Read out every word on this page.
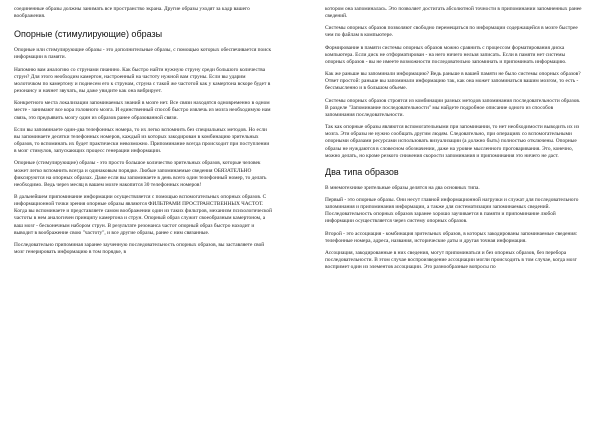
соединенные образы должны занимать все пространство экрана. Другие образы уходят за кадр вашего воображения.

Опорные (стимулирующие) образы

Опорные или стимулирующие образы - это дополнительные образы, с помощью которых обеспечивается поиск информации в памяти.

Напомню вам аналогию со струнами пианино. Как быстро найти нужную струну среди большого количества струн? Для этого необходим камертон, настроенный на частоту нужной вам струны. Если вы ударим молоточком по камертону и поднесем его к струнам, струна с такой же частотой как у камертона вскоре будет в резонансу и начнет звучать, вы даже увидите как она вибрирует.

Конкретного места локализации запоминаемых знаний в мозге нет. Все связи находятся одновременно в одном месте - занимают все кора головного мозга. И единственный способ быстро извлечь из мозга необходимую нам связь, это предъявить мозгу один из образов ранее образованной связи.

Если вы запоминаете один-два телефонных номера, то их легко вспомнить без специальных методов. Но если вы запоминаете десятки телефонных номеров, каждый из которых закодирован в комбинацию зрительных образов, то вспоминать их будет практически невозможно. Припоминание всегда происходит при поступлении в мозг стимулов, запускающих процесс генерации информации.

Опорные (стимулирующие) образы - это просто большое количество зрительных образов, которые человек может легко вспомнить всегда и одинаковым порядке. Любые запоминаемые сведения ОБЯЗАТЕЛЬНО фиксируются на опорных образах. Даже если вы запоминаете в день всего один телефонный номер, то делать необходимо. Ведь через месяц в вашем мозге накопится 30 телефонных номеров!

В дальнейшем припоминание информации осуществляется с помощью вспомогательных опорных образов. С информационной точки зрения опорные образы являются ФИЛЬТРАМИ ПРОСТРАНСТВЕННЫХ ЧАСТОТ. Когда вы вспоминаете и представляете самом воображении один из таких фильтров, механизм психологической частоты в нем аналогичен принципу камертона и струн. Опорный образ служит своеобразным камертоном, а ваш мозг - бесконечным набором струн. В результате резонанса частот опорный образ быстро находит и выводит в воображение свою "частоту", и все другие образы, ранее с ним связанные.

Последовательно припоминая заранее заученную последовательность опорных образов, вы заставляете свой мозг генерировать информацию в том порядке, в

котором она запоминалась. Это позволяет достигать абсолютной точности в припоминании запомненных ранее сведений.

Системы опорных образов позволяют свободно перемещаться по информации содержащейся в мозге быстрее чем по файлам в компьютере.

Формирование в памяти системы опорных образов можно сравнить с процессом форматирования диска компьютера. Если диск не отформатирован - на него ничего нельзя записать. Если в памяти нет системы опорных образов - вы не имеете возможности последовательно запоминать и припоминать информацию.

Как же раньше вы запоминали информацию? Ведь раньше в вашей памяти не было системы опорных образов? Ответ простой: раньше вы запоминали информацию так, как она может запоминаться вашим мозгом, то есть - бессмысленно и в большом объеме.

Системы опорных образов строятся из комбинации разных методов запоминания последовательности образов. В разделе "Запоминание последовательности" мы найдете подробное описание одного из способов запоминания последовательности.

Так как опорные образы являются вспомогательными при запоминании, то нет необходимости выводить их из мозга. Эти образы не нужно сообщать другим людям. Следовательно, при операциях со вспомогательными опорными образами ресурсами использовать визуализации (а должно быть) полностью отключены. Опорные образы не нуждаются в словесном обозначении, даже на уровне мысленного проговаривания. Это, конечно, можно делать, но кроме резкого снижения скорости запоминания и припоминания это ничего не даст.

Два типа образов

В мнемотехнике зрительные образы делятся на два основных типа.

Первый - это опорные образы. Они несут главной информационной нагрузки и служат для последовательного запоминания и припоминания информации, а также для систематизации запоминаемых сведений. Последовательность опорных образов заранее хорошо заучивается в памяти и припоминание любой информации осуществляется через систему опорных образов.

Второй - это ассоциация - комбинация зрительных образов, в которых закодированы запоминаемые сведения: телефонные номера, адреса, названия, исторические даты и другая точная информация.

Ассоциация, закодированные в них сведения, могут припоминаться и без опорных образов, без перебора последовательности. В этом случае воспроизведение ассоциации могли происходить в том случае, когда мозг воспримет один из элементов ассоциации. Это разнообразные вопросы по
